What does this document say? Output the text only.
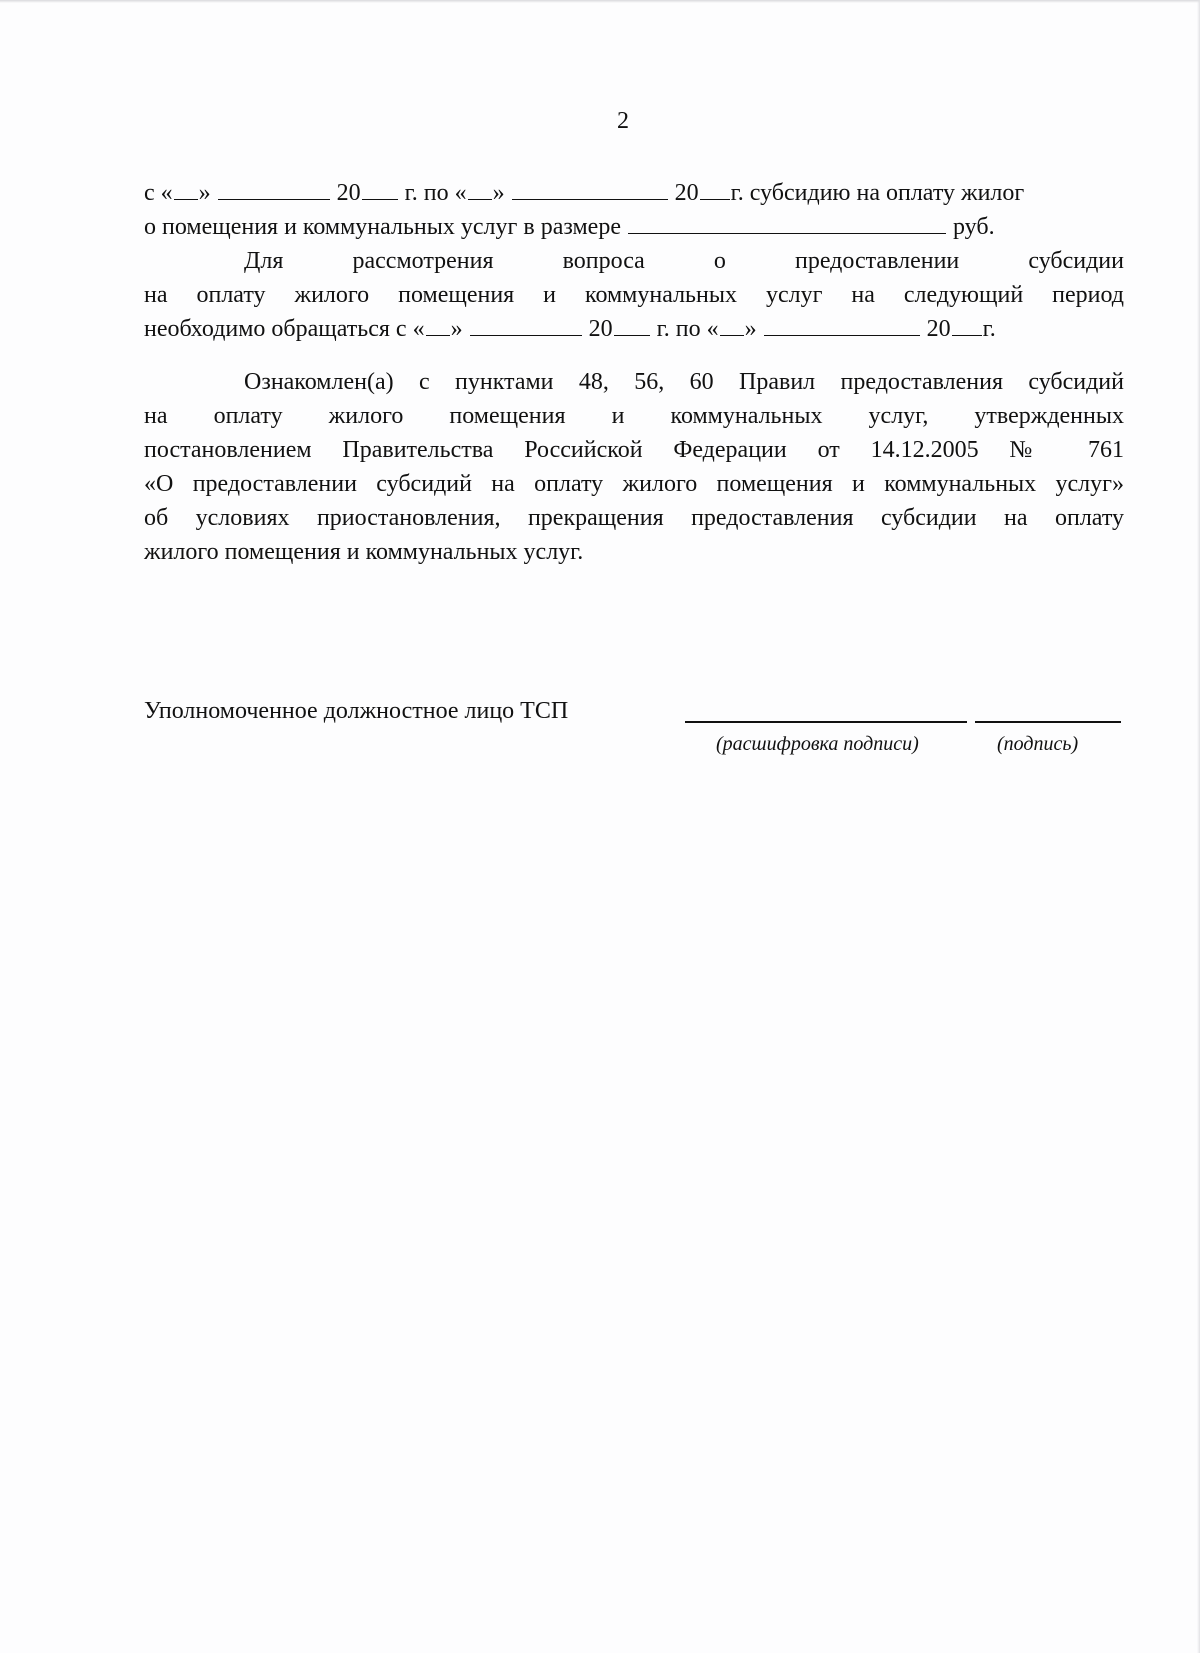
2
с « »	20 г. по « »	20 г. субсидию на оплату жилог
о помещения и коммунальных услуг в размере	руб.
Для рассмотрения вопроса о предоставлении субсидии
на оплату жилого помещения и коммунальных услуг на следующий период
необходимо обращаться с « »	20 г. по « »	20 г.
Ознакомлен(а) с пунктами 48, 56, 60 Правил предоставления субсидий
на оплату жилого помещения и коммунальных услуг, утвержденных
постановлением Правительства Российской Федерации от 14.12.2005 № 761
«О предоставлении субсидий на оплату жилого помещения и коммунальных услуг»
об условиях приостановления, прекращения предоставления субсидии на оплату
жилого помещения и коммунальных услуг.
Уполномоченное должностное лицо ТСП
(расшифровка подписи)	(подпись)
